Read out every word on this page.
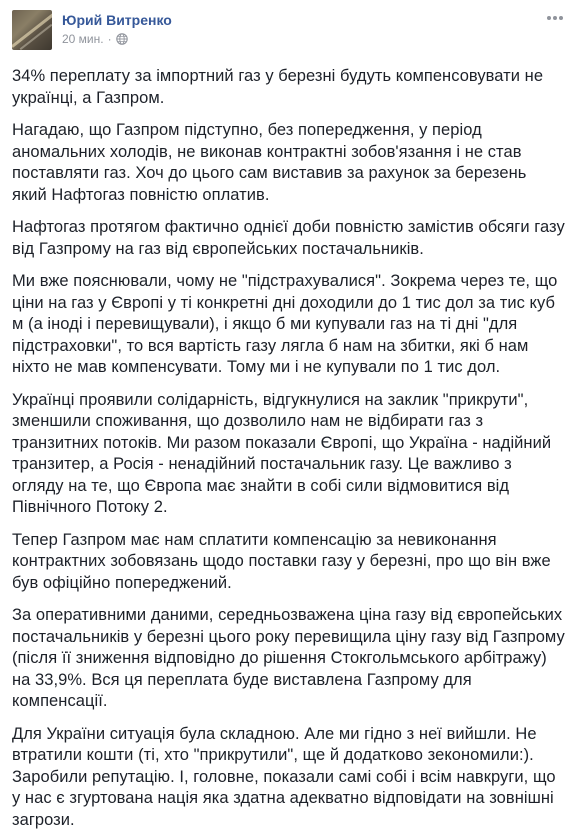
Юрий Витренко
20 мин. ·

34% переплату за імпортний газ у березні будуть компенсовувати не українці, а Газпром.

Нагадаю, що Газпром підступно, без попередження, у період аномальних холодів, не виконав контрактні зобов'язання і не став поставляти газ. Хоч до цього сам виставив за рахунок за березень який Нафтогаз повністю оплатив.

Нафтогаз протягом фактично однієї доби повністю замістив обсяги газу від Газпрому на газ від європейських постачальників.

Ми вже пояснювали, чому не "підстрахувалися". Зокрема через те, що ціни на газ у Європі у ті конкретні дні доходили до 1 тис дол за тис куб м (а іноді і перевищували), і якщо б ми купували газ на ті дні "для підстраховки", то вся вартість газу лягла б нам на збитки, які б нам ніхто не мав компенсувати. Тому ми і не купували по 1 тис дол.

Українці проявили солідарність, відгукнулися на заклик "прикрути", зменшили споживання, що дозволило нам не відбирати газ з транзитних потоків. Ми разом показали Європі, що Україна - надійний транзитер, а Росія - ненадійний постачальник газу. Це важливо з огляду на те, що Європа має знайти в собі сили відмовитися від Північного Потоку 2.

Тепер Газпром має нам сплатити компенсацію за невиконання контрактних зобовязань щодо поставки газу у березні, про що він вже був офіційно попереджений.

За оперативними даними, середньозважена ціна газу від європейських постачальників у березні цього року перевищила ціну газу від Газпрому (після її зниження відповідно до рішення Стокгольмського арбітражу) на 33,9%. Вся ця переплата буде виставлена Газпрому для компенсації.

Для України ситуація була складною. Але ми гідно з неї вийшли. Не втратили кошти (ті, хто "прикрутили", ще й додатково зекономили:). Заробили репутацію. І, головне, показали самі собі і всім навкруги, що у нас є згуртована нація яка здатна адекватно відповідати на зовнішні загрози.
